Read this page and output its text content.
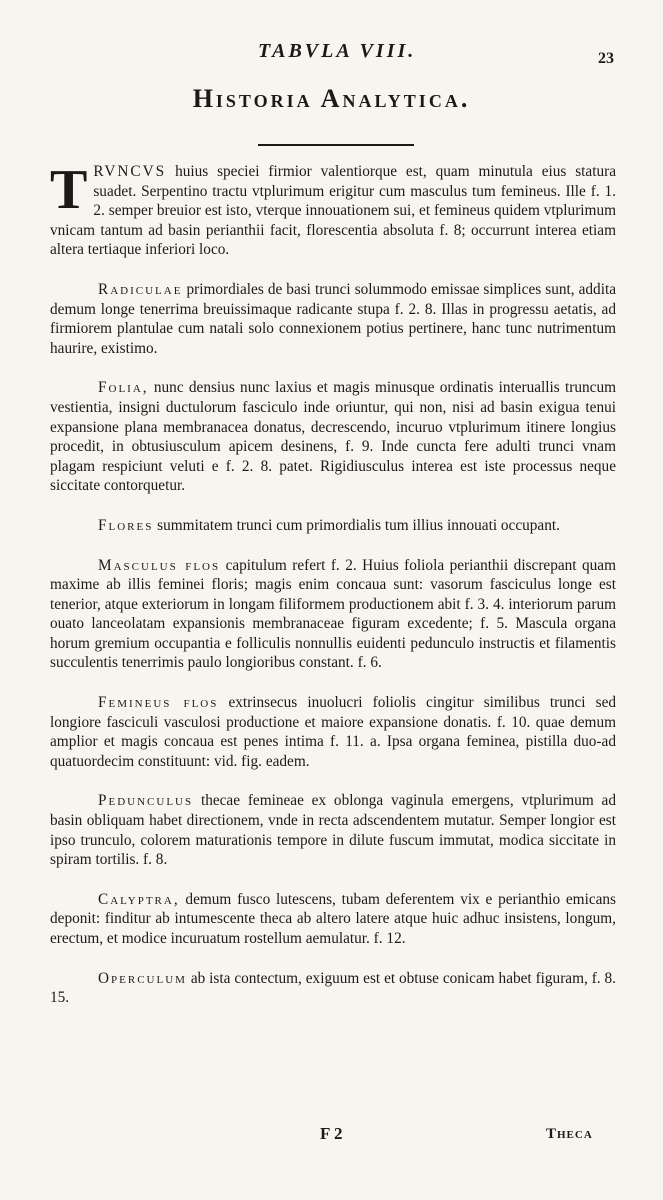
TABVLA VIII.	23
Historia Analytica.

TRVNCVS huius speciei firmior valentiorque est, quam minutula eius statura suadet. Serpentino tractu vtplurimum erigitur cum masculus tum femineus. Ille f. 1. 2. semper breuior est isto, vterque innouationem sui, et femineus quidem vtplurimum vnicam tantum ad basin perianthii facit, florescentia absoluta f. 8; occurrunt interea etiam altera tertiaque inferiori loco.

Radiculae primordiales de basi trunci solummodo emissae simplices sunt, addita demum longe tenerrima breuissimaque radicante stupa f. 2. 8. Illas in progressu aetatis, ad firmiorem plantulae cum natali solo connexionem potius pertinere, hanc tunc nutrimentum haurire, existimo.

Folia, nunc densius nunc laxius et magis minusque ordinatis interuallis truncum vestientia, insigni ductulorum fasciculo inde oriuntur, qui non, nisi ad basin exigua tenui expansione plana membranacea donatus, decrescendo, incuruo vtplurimum itinere longius procedit, in obtusiusculum apicem desinens, f. 9. Inde cuncta fere adulti trunci vnam plagam respiciunt veluti e f. 2. 8. patet. Rigidiusculus interea est iste processus neque siccitate contorquetur.

Flores summitatem trunci cum primordialis tum illius innouati occupant.

Masculus flos capitulum refert f. 2. Huius foliola perianthii discrepant quam maxime ab illis feminei floris; magis enim concaua sunt: vasorum fasciculus longe est tenerior, atque exteriorum in longam filiformem productionem abit f. 3. 4. interiorum parum ouato lanceolatam expansionis membranaceae figuram excedente; f. 5. Mascula organa horum gremium occupantia e folliculis nonnullis euidenti pedunculo instructis et filamentis succulentis tenerrimis paulo longioribus constant. f. 6.

Femineus flos extrinsecus inuolucri foliolis cingitur similibus trunci sed longiore fasciculi vasculosi productione et maiore expansione donatis. f. 10. quae demum amplior et magis concaua est penes intima f. 11. a. Ipsa organa feminea, pistilla duo-ad quatuordecim constituunt: vid. fig. eadem.

Pedunculus thecae femineae ex oblonga vaginula emergens, vtplurimum ad basin obliquam habet directionem, vnde in recta adscendentem mutatur. Semper longior est ipso trunculo, colorem maturationis tempore in dilute fuscum immutat, modica siccitate in spiram tortilis. f. 8.

Calyptra, demum fusco lutescens, tubam deferentem vix e perianthio emicans deponit: finditur ab intumescente theca ab altero latere atque huic adhuc insistens, longum, erectum, et modice incuruatum rostellum aemulatur. f. 12.

Operculum ab ista contectum, exiguum est et obtuse conicam habet figuram, f. 8. 15.

F 2	Theca
